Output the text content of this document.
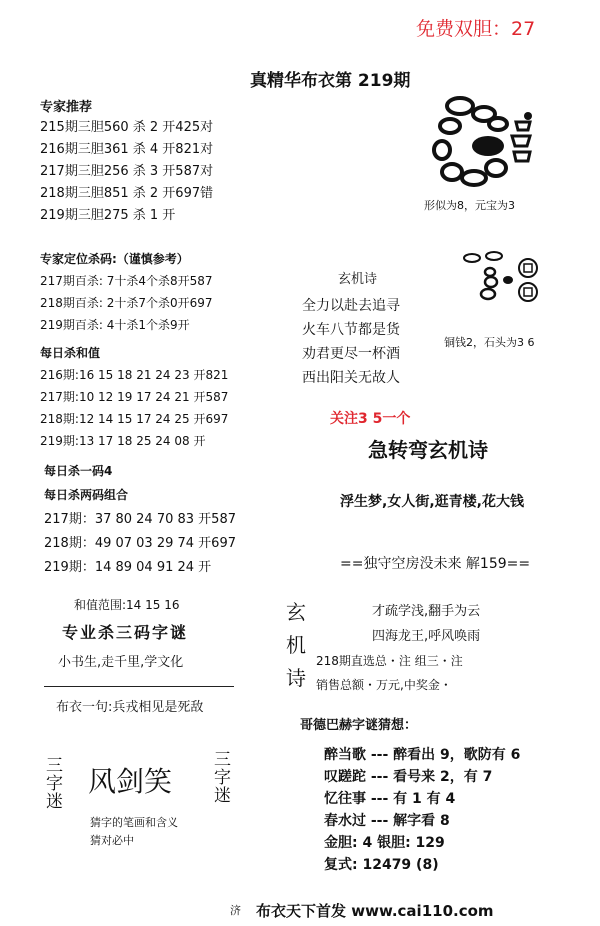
免费双胆：27
真精华布衣第 219期
专家推荐
215期三胆560 杀 2 开425对
216期三胆361 杀 4 开821对
217期三胆256 杀 3 开587对
218期三胆851 杀 2 开697错
219期三胆275 杀 1 开
专家定位杀码:（谨慎参考）
217期百杀: 7十杀4个杀8开587
218期百杀: 2十杀7个杀0开697
219期百杀: 4十杀1个杀9开
每日杀和值
216期:16 15 18 21 24 23 开821
217期:10 12 19 17 24 21 开587
218期:12 14 15 17 24 25 开697
219期:13 17 18 25 24 08 开
每日杀一码4
每日杀两码组合
217期：37 80 24 70 83 开587
218期：49 07 03 29 74 开697
219期：14 89 04 91 24 开
和值范围:14 15 16
专业杀三码字谜
小书生,走千里,学文化
布衣一句:兵戎相见是死敌
三字迷 风剑笑 三字迷
猜字的笔画和含义
猜对必中
形似为8，元宝为3
铜钱2，石头为3 6
玄机诗
全力以赴去追寻
火车八节都是货
劝君更尽一杯酒
西出阳关无故人
关注3 5一个
急转弯玄机诗
浮生梦,女人街,逛青楼,花大钱
==独守空房没未来 解159==
玄
机
诗
才疏学浅,翻手为云
四海龙王,呼风唤雨
218期直选总・注 组三・注
销售总额・万元,中奖金・
哥德巴赫字谜猜想：
醉当歌 --- 醉看出 9，歌防有 6
叹蹉跎 --- 看号来 2，有 7
忆往事 --- 有 1 有 4
春水过 --- 解字看 8
金胆: 4 银胆: 129
复式: 12479 (8)
济 布衣天下首发 www.cai110.com
